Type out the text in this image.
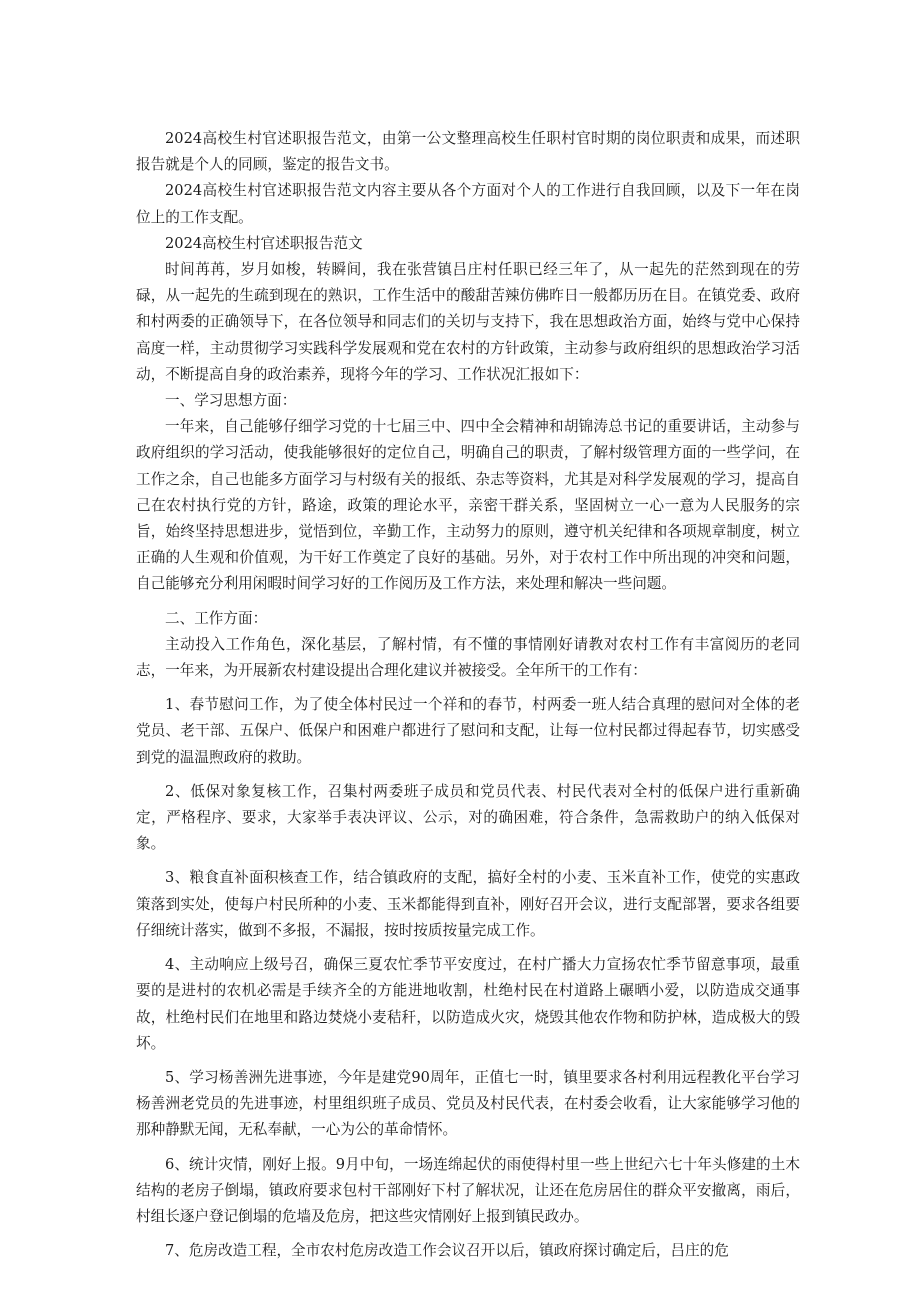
2024高校生村官述职报告范文，由第一公文整理高校生任职村官时期的岗位职责和成果，而述职报告就是个人的同顾，鉴定的报告文书。

2024高校生村官述职报告范文内容主要从各个方面对个人的工作进行自我回顾，以及下一年在岗位上的工作支配。

2024高校生村官述职报告范文

时间苒苒，岁月如梭，转瞬间，我在张营镇吕庄村任职已经三年了，从一起先的茫然到现在的劳碌，从一起先的生疏到现在的熟识，工作生活中的酸甜苦辣仿佛昨日一般都历历在目。在镇党委、政府和村两委的正确领导下，在各位领导和同志们的关切与支持下，我在思想政治方面，始终与党中心保持高度一样，主动贯彻学习实践科学发展观和党在农村的方针政策，主动参与政府组织的思想政治学习活动，不断提高自身的政治素养，现将今年的学习、工作状况汇报如下：

一、学习思想方面：

一年来，自己能够仔细学习党的十七届三中、四中全会精神和胡锦涛总书记的重要讲话，主动参与政府组织的学习活动，使我能够很好的定位自己，明确自己的职责，了解村级管理方面的一些学问，在工作之余，自己也能多方面学习与村级有关的报纸、杂志等资料，尤其是对科学发展观的学习，提高自己在农村执行党的方针，路途，政策的理论水平，亲密干群关系，坚固树立一心一意为人民服务的宗旨，始终坚持思想进步，觉悟到位，辛勤工作，主动努力的原则，遵守机关纪律和各项规章制度，树立正确的人生观和价值观，为干好工作奠定了良好的基础。另外，对于农村工作中所出现的冲突和问题，自己能够充分利用闲暇时间学习好的工作阅历及工作方法，来处理和解决一些问题。

二、工作方面：

主动投入工作角色，深化基层，了解村情，有不懂的事情刚好请教对农村工作有丰富阅历的老同志，一年来，为开展新农村建设提出合理化建议并被接受。全年所干的工作有：

1、春节慰问工作，为了使全体村民过一个祥和的春节，村两委一班人结合真理的慰问对全体的老党员、老干部、五保户、低保户和困难户都进行了慰问和支配，让每一位村民都过得起春节，切实感受到党的温温煦政府的救助。

2、低保对象复核工作，召集村两委班子成员和党员代表、村民代表对全村的低保户进行重新确定，严格程序、要求，大家举手表决评议、公示，对的确困难，符合条件，急需救助户的纳入低保对象。

3、粮食直补面积核查工作，结合镇政府的支配，搞好全村的小麦、玉米直补工作，使党的实惠政策落到实处，使每户村民所种的小麦、玉米都能得到直补，刚好召开会议，进行支配部署，要求各组要仔细统计落实，做到不多报，不漏报，按时按质按量完成工作。

4、主动响应上级号召，确保三夏农忙季节平安度过，在村广播大力宣扬农忙季节留意事项，最重要的是进村的农机必需是手续齐全的方能进地收割，杜绝村民在村道路上碾晒小爱，以防造成交通事故，杜绝村民们在地里和路边焚烧小麦秸秆，以防造成火灾，烧毁其他农作物和防护林，造成极大的毁坏。

5、学习杨善洲先进事迹，今年是建党90周年，正值七一时，镇里要求各村利用远程教化平台学习杨善洲老党员的先进事迹，村里组织班子成员、党员及村民代表，在村委会收看，让大家能够学习他的那种静默无闻，无私奉献，一心为公的革命情怀。

6、统计灾情，刚好上报。9月中旬，一场连绵起伏的雨使得村里一些上世纪六七十年头修建的土木结构的老房子倒塌，镇政府要求包村干部刚好下村了解状况，让还在危房居住的群众平安撤离，雨后，村组长逐户登记倒塌的危墙及危房，把这些灾情刚好上报到镇民政办。

7、危房改造工程，全市农村危房改造工作会议召开以后，镇政府探讨确定后，吕庄的危
